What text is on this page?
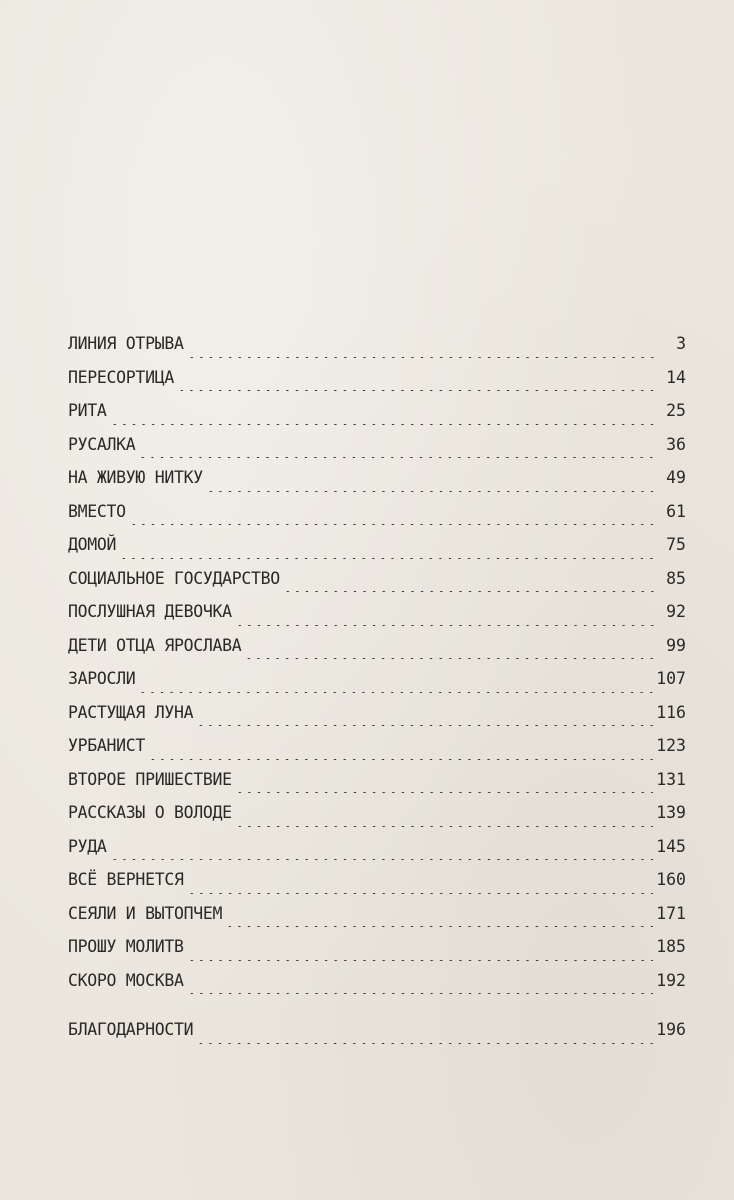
ЛИНИЯ ОТРЫВА	3
ПЕРЕСОРТИЦА	14
РИТА	25
РУСАЛКА	36
НА ЖИВУЮ НИТКУ	49
ВМЕСТО	61
ДОМОЙ	75
СОЦИАЛЬНОЕ ГОСУДАРСТВО	85
ПОСЛУШНАЯ ДЕВОЧКА	92
ДЕТИ ОТЦА ЯРОСЛАВА	99
ЗАРОСЛИ	107
РАСТУЩАЯ ЛУНА	116
УРБАНИСТ	123
ВТОРОЕ ПРИШЕСТВИЕ	131
РАССКАЗЫ О ВОЛОДЕ	139
РУДА	145
ВСЁ ВЕРНЕТСЯ	160
СЕЯЛИ И ВЫТОПЧЕМ	171
ПРОШУ МОЛИТВ	185
СКОРО МОСКВА	192
БЛАГОДАРНОСТИ	196
